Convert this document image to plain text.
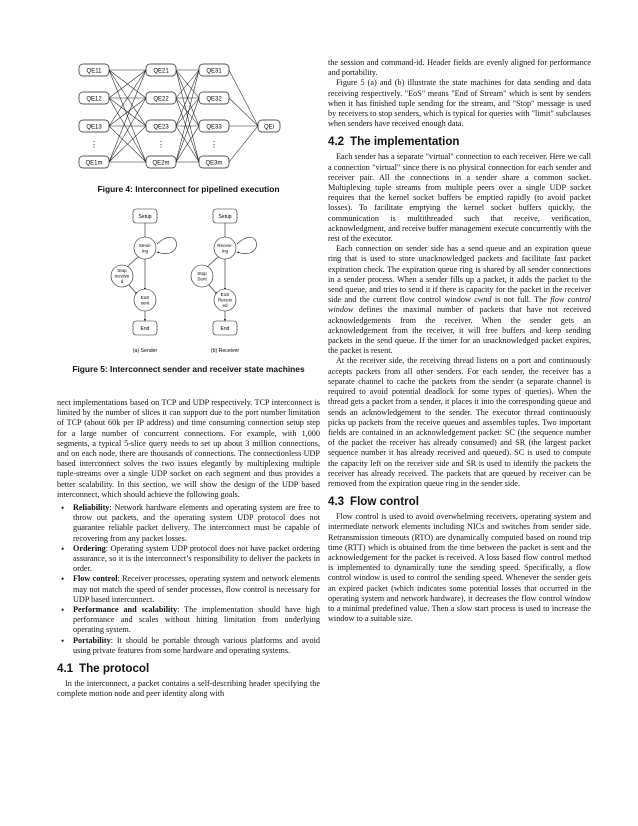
QE11
QE12
QE13
QE1m
⋮
QE21
QE22
QE23
QE2m
⋮
QE31
QE32
QE33
QE3m
⋮
QEi
Figure 4: Interconnect for pipelined execution
Setup
Send-
ing
Stop
receive
d
EoS
sent
End
(a) Sender
Setup
Receiv-
ing
Stop
Sent
EoS
Receiv
ed
End
(b) Receiver
Figure 5: Interconnect sender and receiver state machines

nect implementations based on TCP and UDP respectively. TCP interconnect is limited by the number of slices it can support due to the port number limitation of TCP (about 60k per IP address) and time consuming connection setup step for a large number of concurrent connections. For example, with 1,000 segments, a typical 5-slice query needs to set up about 3 million connections, and on each node, there are thousands of connections. The connectionless UDP based interconnect solves the two issues elegantly by multiplexing multiple tuple-streams over a single UDP socket on each segment and thus provides a better scalability. In this section, we will show the design of the UDP based interconnect, which should achieve the following goals.

• Reliability: Network hardware elements and operating system are free to throw out packets, and the operating system UDP protocol does not guarantee reliable packet delivery. The interconnect must be capable of recovering from any packet losses.
• Ordering: Operating system UDP protocol does not have packet ordering assurance, so it is the interconnect’s responsibility to deliver the packets in order.
• Flow control: Receiver processes, operating system and network elements may not match the speed of sender processes, flow control is necessary for UDP based interconnect.
• Performance and scalability: The implementation should have high performance and scales without hitting limitation from underlying operating system.
• Portability: It should be portable through various platforms and avoid using private features from some hardware and operating systems.
4.1 The protocol

In the interconnect, a packet contains a self-describing header specifying the complete motion node and peer identity along with

the session and command-id. Header fields are evenly aligned for performance and portability.

Figure 5 (a) and (b) illustrate the state machines for data sending and data receiving respectively. "EoS" means "End of Stream" which is sent by senders when it has finished tuple sending for the stream, and "Stop" message is used by receivers to stop senders, which is typical for queries with "limit" subclauses when senders have received enough data.

4.2 The implementation

Each sender has a separate "virtual" connection to each receiver. Here we call a connection "virtual" since there is no physical connection for each sender and receiver pair. All the connections in a sender share a common socket. Multiplexing tuple streams from multiple peers over a single UDP socket requires that the kernel socket buffers be emptied rapidly (to avoid packet losses). To facilitate emptying the kernel socket buffers quickly, the communication is multithreaded such that receive, verification, acknowledgment, and receive buffer management execute concurrently with the rest of the executor.

Each connection on sender side has a send queue and an expiration queue ring that is used to store unacknowledged packets and facilitate fast packet expiration check. The expiration queue ring is shared by all sender connections in a sender process. When a sender fills up a packet, it adds the packet to the send queue, and tries to send it if there is capacity for the packet in the receiver side and the current flow control window cwnd is not full. The flow control window defines the maximal number of packets that have not received acknowledgements from the receiver. When the sender gets an acknowledgement from the receiver, it will free buffers and keep sending packets in the send queue. If the timer for an unacknowledged packet expires, the packet is resent.

At the receiver side, the receiving thread listens on a port and continuously accepts packets from all other senders. For each sender, the receiver has a separate channel to cache the packets from the sender (a separate channel is required to avoid potential deadlock for some types of queries). When the thread gets a packet from a sender, it places it into the corresponding queue and sends an acknowledgement to the sender. The executor thread continuously picks up packets from the receive queues and assembles tuples. Two important fields are contained in an acknowledgement packet: SC (the sequence number of the packet the receiver has already consumed) and SR (the largest packet sequence number it has already received and queued). SC is used to compute the capacity left on the receiver side and SR is used to identify the packets the receiver has already received. The packets that are queued by receiver can be removed from the expiration queue ring in the sender side.

4.3 Flow control

Flow control is used to avoid overwhelming receivers, operating system and intermediate network elements including NICs and switches from sender side. Retransmission timeouts (RTO) are dynamically computed based on round trip time (RTT) which is obtained from the time between the packet is sent and the acknowledgement for the packet is received. A loss based flow control method is implemented to dynamically tune the sending speed. Specifically, a flow control window is used to control the sending speed. Whenever the sender gets an expired packet (which indicates some potential losses that occurred in the operating system and network hardware), it decreases the flow control window to a minimal predefined value. Then a slow start process is used to increase the window to a suitable size.
